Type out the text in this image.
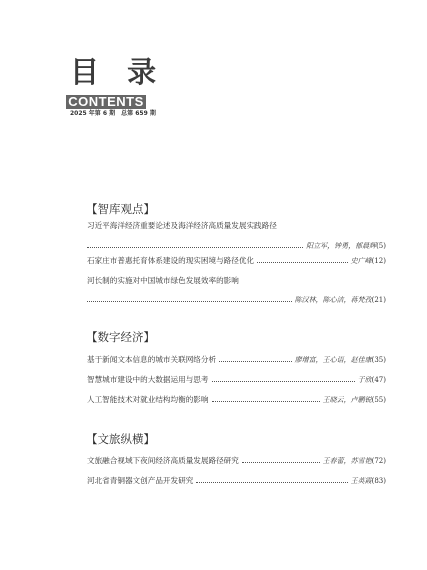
目 录
CONTENTS
2025 年第 6 期 总第 659 期
【智库观点】
习近平海洋经济重要论述及海洋经济高质量发展实践路径
阳立军，钟勇，郁晨辉 (5)
石家庄市普惠托育体系建设的现实困境与路径优化	史广峰 (12)
河长制的实施对中国城市绿色发展效率的影响
陈汉林，陈心洁，蒋梵孜 (21)
【数字经济】
基于新闻文本信息的城市关联网络分析	廖增富，王心语，赵佳康 (35)
智慧城市建设中的大数据运用与思考	于欣 (47)
人工智能技术对就业结构均衡的影响	王晓云，卢鹏锐 (55)
【文旅纵横】
文旅融合视域下夜间经济高质量发展路径研究	王春蕾，苏雪艳 (72)
河北省青铜器文创产品开发研究	王英霞 (83)
